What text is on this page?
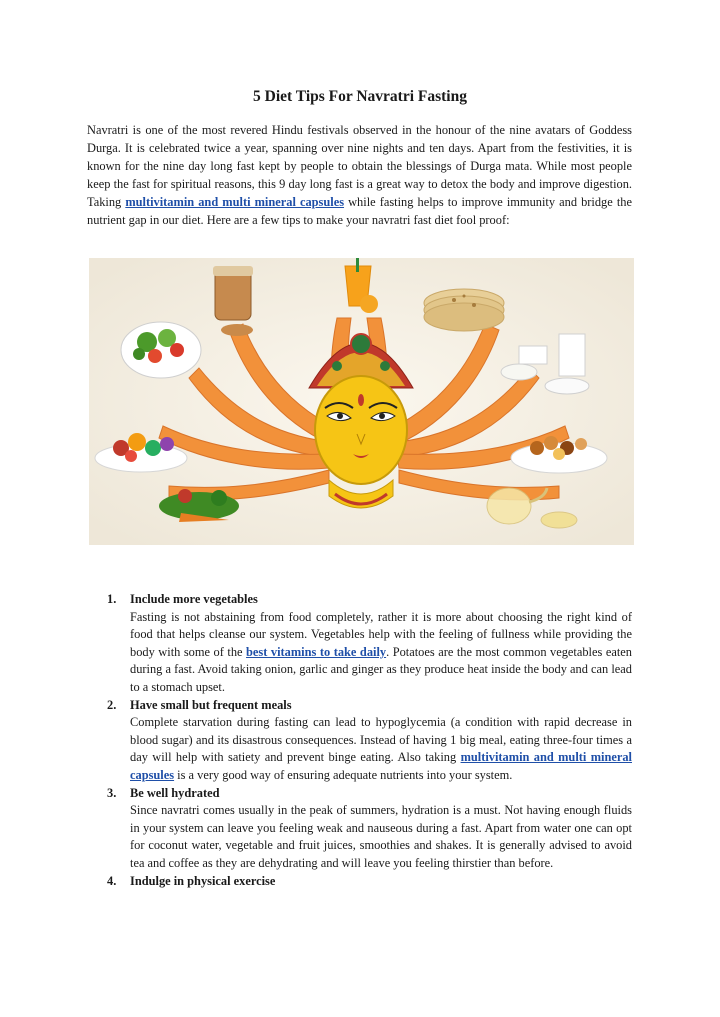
5 Diet Tips For Navratri Fasting

Navratri is one of the most revered Hindu festivals observed in the honour of the nine avatars of Goddess Durga. It is celebrated twice a year, spanning over nine nights and ten days. Apart from the festivities, it is known for the nine day long fast kept by people to obtain the blessings of Durga mata. While most people keep the fast for spiritual reasons, this 9 day long fast is a great way to detox the body and improve digestion. Taking multivitamin and multi mineral capsules while fasting helps to improve immunity and bridge the nutrient gap in our diet. Here are a few tips to make your navratri fast diet fool proof:

1. Include more vegetables
Fasting is not abstaining from food completely, rather it is more about choosing the right kind of food that helps cleanse our system. Vegetables help with the feeling of fullness while providing the body with some of the best vitamins to take daily. Potatoes are the most common vegetables eaten during a fast. Avoid taking onion, garlic and ginger as they produce heat inside the body and can lead to a stomach upset.
2. Have small but frequent meals
Complete starvation during fasting can lead to hypoglycemia (a condition with rapid decrease in blood sugar) and its disastrous consequences. Instead of having 1 big meal, eating three-four times a day will help with satiety and prevent binge eating. Also taking multivitamin and multi mineral capsules is a very good way of ensuring adequate nutrients into your system.
3. Be well hydrated
Since navratri comes usually in the peak of summers, hydration is a must. Not having enough fluids in your system can leave you feeling weak and nauseous during a fast. Apart from water one can opt for coconut water, vegetable and fruit juices, smoothies and shakes. It is generally advised to avoid tea and coffee as they are dehydrating and will leave you feeling thirstier than before.
4. Indulge in physical exercise
